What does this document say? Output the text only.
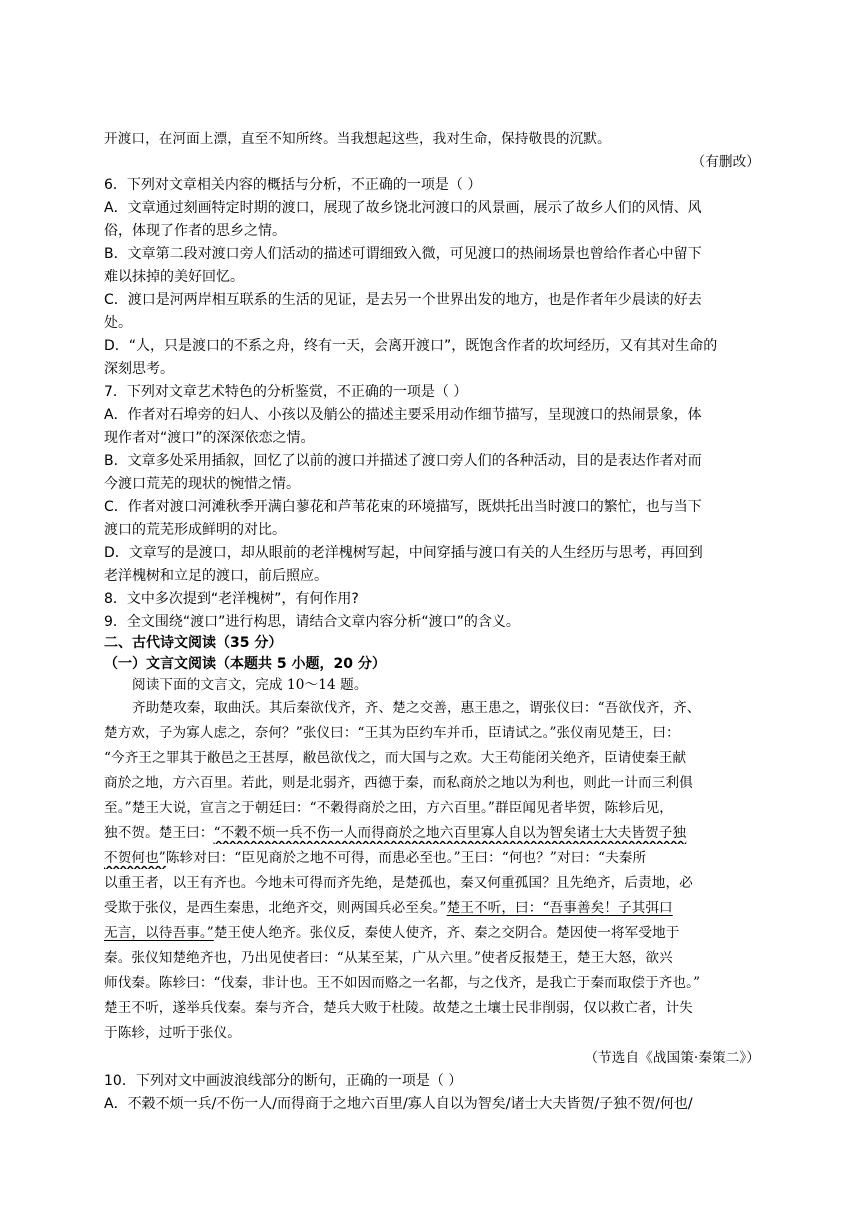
开渡口，在河面上漂，直至不知所终。当我想起这些，我对生命，保持敬畏的沉默。
（有删改）
6．下列对文章相关内容的概括与分析，不正确的一项是（ ）
A．文章通过刻画特定时期的渡口，展现了故乡饶北河渡口的风景画，展示了故乡人们的风情、风
俗，体现了作者的思乡之情。
B．文章第二段对渡口旁人们活动的描述可谓细致入微，可见渡口的热闹场景也曾给作者心中留下
难以抹掉的美好回忆。
C．渡口是河两岸相互联系的生活的见证，是去另一个世界出发的地方，也是作者年少晨读的好去
处。
D．“人，只是渡口的不系之舟，终有一天，会离开渡口”，既饱含作者的坎坷经历，又有其对生命的
深刻思考。
7．下列对文章艺术特色的分析鉴赏，不正确的一项是（ ）
A．作者对石埠旁的妇人、小孩以及艄公的描述主要采用动作细节描写，呈现渡口的热闹景象，体
现作者对“渡口”的深深依恋之情。
B．文章多处采用插叙，回忆了以前的渡口并描述了渡口旁人们的各种活动，目的是表达作者对而
今渡口荒芜的现状的惋惜之情。
C．作者对渡口河滩秋季开满白蓼花和芦苇花束的环境描写，既烘托出当时渡口的繁忙，也与当下
渡口的荒芜形成鲜明的对比。
D．文章写的是渡口，却从眼前的老洋槐树写起，中间穿插与渡口有关的人生经历与思考，再回到
老洋槐树和立足的渡口，前后照应。
8．文中多次提到“老洋槐树”，有何作用?
9．全文围绕“渡口”进行构思，请结合文章内容分析“渡口”的含义。
二、古代诗文阅读（35 分）
（一）文言文阅读（本题共 5 小题，20 分）
阅读下面的文言文，完成 10～14 题。
齐助楚攻秦，取曲沃。其后秦欲伐齐，齐、楚之交善，惠王患之，谓张仪曰：“吾欲伐齐，齐、
楚方欢，子为寡人虑之，奈何？”张仪曰：“王其为臣约车并币，臣请试之。”张仪南见楚王，曰：
“今齐王之罪其于敝邑之王甚厚，敝邑欲伐之，而大国与之欢。大王苟能闭关绝齐，臣请使秦王献
商於之地，方六百里。若此，则是北弱齐，西德于秦，而私商於之地以为利也，则此一计而三利俱
至。”楚王大说，宣言之于朝廷曰：“不穀得商於之田，方六百里。”群臣闻见者毕贺，陈轸后见，
独不贺。楚王曰：“不穀不烦一兵不伤一人而得商於之地六百里寡人自以为智矣诸士大夫皆贺子独
不贺何也”陈轸对曰：“臣见商於之地不可得，而患必至也。”王曰：“何也？”对曰：“夫秦所
以重王者，以王有齐也。今地未可得而齐先绝，是楚孤也，秦又何重孤国？且先绝齐，后责地，必
受欺于张仪，是西生秦患，北绝齐交，则两国兵必至矣。”楚王不听，曰：“吾事善矣！子其弭口
无言，以待吾事。”楚王使人绝齐。张仪反，秦使人使齐，齐、秦之交阴合。楚因使一将军受地于
秦。张仪知楚绝齐也，乃出见使者曰：“从某至某，广从六里。”使者反报楚王，楚王大怒，欲兴
师伐秦。陈轸曰：“伐秦，非计也。王不如因而赂之一名都，与之伐齐，是我亡于秦而取偿于齐也。”
楚王不听，遂举兵伐秦。秦与齐合，楚兵大败于杜陵。故楚之土壤士民非削弱，仅以救亡者，计失
于陈轸，过听于张仪。
（节选自《战国策·秦策二》）
10．下列对文中画波浪线部分的断句，正确的一项是（ ）
A．不穀不烦一兵/不伤一人/而得商于之地六百里/寡人自以为智矣/诸士大夫皆贺/子独不贺/何也/
